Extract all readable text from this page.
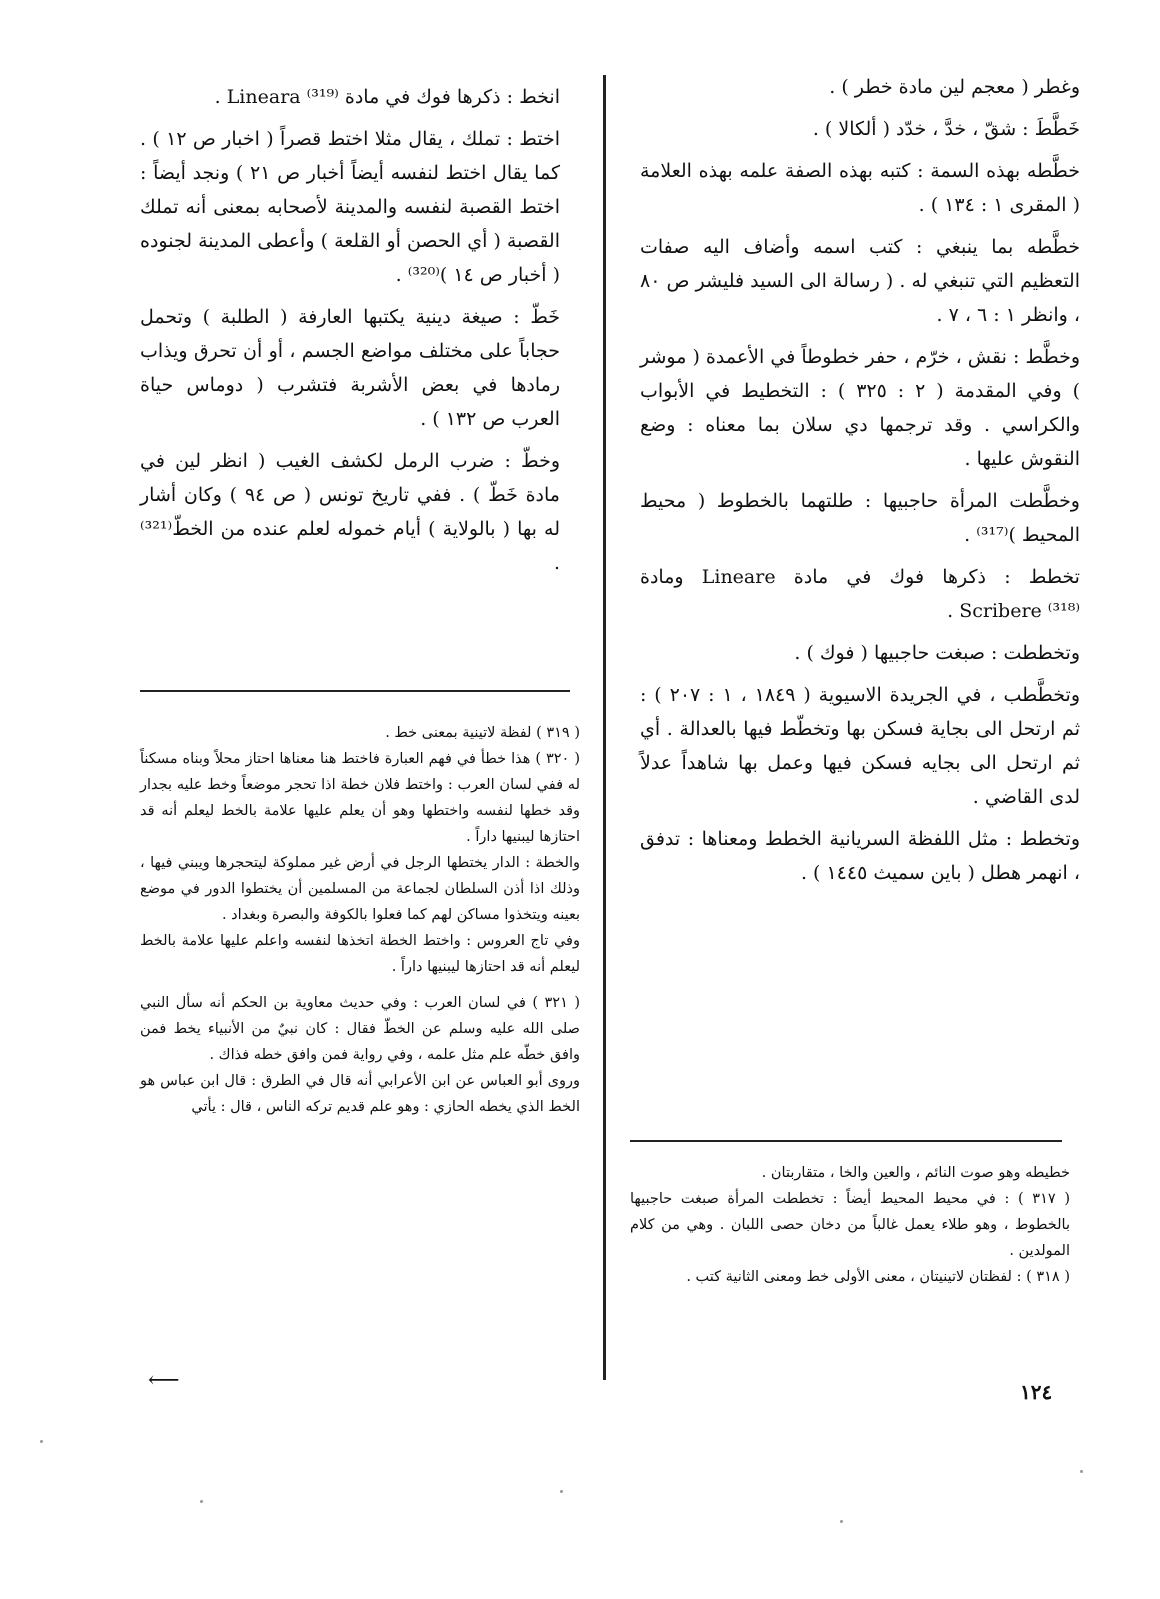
وغطر ( معجم لين مادة خطر ) .

خَطَّطَ : شقّ ، خدَّ ، خدّد ( ألكالا ) .

خطَّطه بهذه السمة : كتبه بهذه الصفة علمه بهذه العلامة ( المقرى ١ : ١٣٤ ) .

خطَّطه بما ينبغي : كتب اسمه وأضاف اليه صفات التعظيم التي تنبغي له . ( رسالة الى السيد فليشر ص ٨٠ ، وانظر ١ : ٦ ، ٧ .

وخطَّط : نقش ، خرّم ، حفر خطوطاً في الأعمدة ( موشر ) وفي المقدمة ( ٢ : ٣٢٥ ) : التخطيط في الأبواب والكراسي . وقد ترجمها دي سلان بما معناه : وضع النقوش عليها .

وخطَّطت المرأة حاجبيها : طلتهما بالخطوط ( محيط المحيط )⁽³¹⁷⁾ .

تخطط : ذكرها فوك في مادة Lineare ومادة Scribere ⁽³¹⁸⁾ .

وتخططت : صبغت حاجبيها ( فوك ) .

وتخطَّطب ، في الجريدة الاسيوية ( ١٨٤٩ ، ١ : ٢٠٧ ) : ثم ارتحل الى بجاية فسكن بها وتخطّط فيها بالعدالة . أي ثم ارتحل الى بجايه فسكن فيها وعمل بها شاهداً عدلاً لدى القاضي .

وتخطط : مثل اللفظة السريانية الخطط ومعناها : تدفق ، انهمر هطل ( باين سميث ١٤٤٥ ) .

انخط : ذكرها فوك في مادة Lineara ⁽³¹⁹⁾ .

اختط : تملك ، يقال مثلا اختط قصراً ( اخبار ص ١٢ ) . كما يقال اختط لنفسه أيضاً أخبار ص ٢١ ) ونجد أيضاً : اختط القصبة لنفسه والمدينة لأصحابه بمعنى أنه تملك القصبة ( أي الحصن أو القلعة ) وأعطى المدينة لجنوده ( أخبار ص ١٤ )⁽³²⁰⁾ .

خَطّ : صيغة دينية يكتبها العارفة ( الطلبة ) وتحمل حجاباً على مختلف مواضع الجسم ، أو أن تحرق ويذاب رمادها في بعض الأشربة فتشرب ( دوماس حياة العرب ص ١٣٢ ) .

وخطّ : ضرب الرمل لكشف الغيب ( انظر لين في مادة خَطّ ) . ففي تاريخ تونس ( ص ٩٤ ) وكان أشار له بها ( بالولاية ) أيام خموله لعلم عنده من الخطّ⁽³²¹⁾ .

( ٣١٩ ) لفظة لاتينية بمعنى خط .

( ٣٢٠ ) هذا خطأ في فهم العبارة فاختط هنا معناها احتاز محلاً وبناه مسكناً له ففي لسان العرب : واختط فلان خطة اذا تحجر موضعاً وخط عليه بجدار وقد خطها لنفسه واختطها وهو أن يعلم عليها علامة بالخط ليعلم أنه قد احتازها ليبنيها داراً .

والخطة : الدار يختطها الرجل في أرض غير مملوكة ليتحجرها ويبني فيها ، وذلك اذا أذن السلطان لجماعة من المسلمين أن يختطوا الدور في موضع بعينه ويتخذوا مساكن لهم كما فعلوا بالكوفة والبصرة وبغداد .

وفي تاج العروس : واختط الخطة اتخذها لنفسه واعلم عليها علامة بالخط ليعلم أنه قد احتازها ليبنيها داراً .

( ٣٢١ ) في لسان العرب : وفي حديث معاوية بن الحكم أنه سأل النبي صلى الله عليه وسلم عن الخطّ فقال : كان نبيٌ من الأنبياء يخط فمن وافق خطّه علم مثل علمه ، وفي رواية فمن وافق خطه فذاك .

وروى أبو العباس عن ابن الأعرابي أنه قال في الطرق : قال ابن عباس هو الخط الذي يخطه الحازي : وهو علم قديم تركه الناس ، قال : يأتي

خطيطه وهو صوت النائم ، والعين والخا ، متقاربتان .

( ٣١٧ ) : في محيط المحيط أيضاً : تخططت المرأة صبغت حاجبيها بالخطوط ، وهو طلاء يعمل غالباً من دخان حصى اللبان . وهي من كلام المولدين .

( ٣١٨ ) : لفظتان لاتينيتان ، معنى الأولى خط ومعنى الثانية كتب .

⟵	١٢٤
